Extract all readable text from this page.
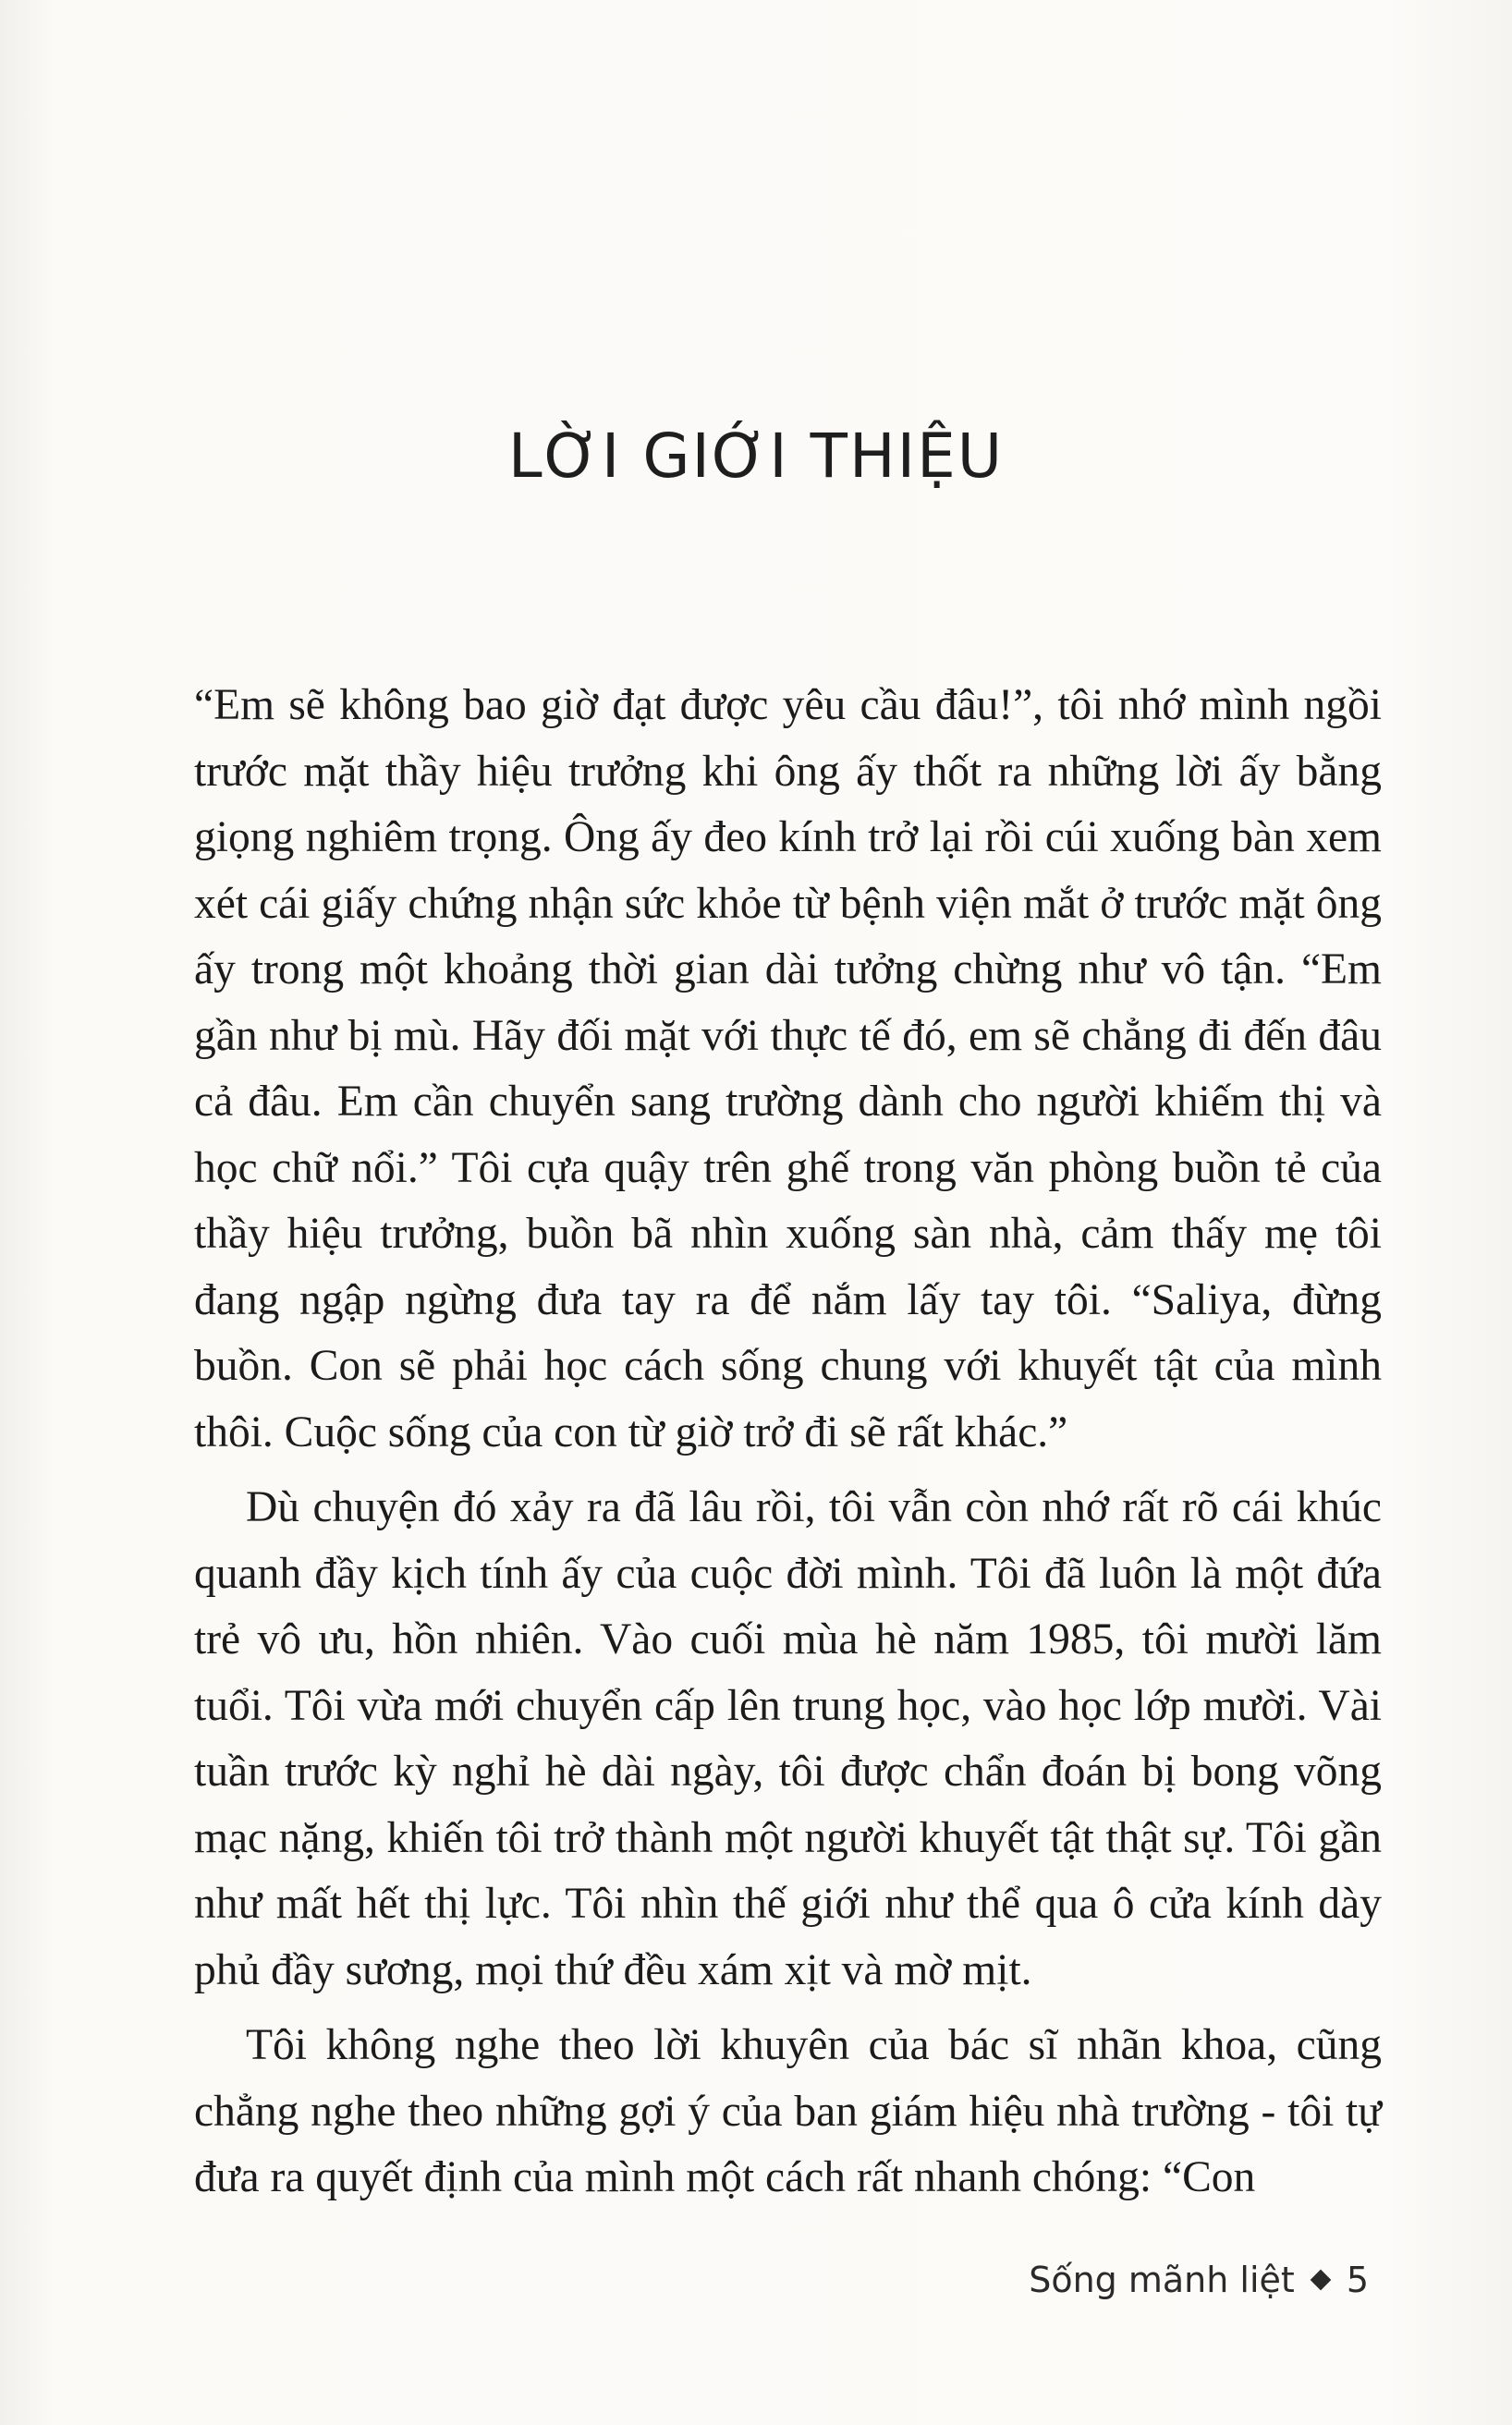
LỜI GIỚI THIỆU

“Em sẽ không bao giờ đạt được yêu cầu đâu!”, tôi nhớ mình ngồi trước mặt thầy hiệu trưởng khi ông ấy thốt ra những lời ấy bằng giọng nghiêm trọng. Ông ấy đeo kính trở lại rồi cúi xuống bàn xem xét cái giấy chứng nhận sức khỏe từ bệnh viện mắt ở trước mặt ông ấy trong một khoảng thời gian dài tưởng chừng như vô tận. “Em gần như bị mù. Hãy đối mặt với thực tế đó, em sẽ chẳng đi đến đâu cả đâu. Em cần chuyển sang trường dành cho người khiếm thị và học chữ nổi.” Tôi cựa quậy trên ghế trong văn phòng buồn tẻ của thầy hiệu trưởng, buồn bã nhìn xuống sàn nhà, cảm thấy mẹ tôi đang ngập ngừng đưa tay ra để nắm lấy tay tôi. “Saliya, đừng buồn. Con sẽ phải học cách sống chung với khuyết tật của mình thôi. Cuộc sống của con từ giờ trở đi sẽ rất khác.”

Dù chuyện đó xảy ra đã lâu rồi, tôi vẫn còn nhớ rất rõ cái khúc quanh đầy kịch tính ấy của cuộc đời mình. Tôi đã luôn là một đứa trẻ vô ưu, hồn nhiên. Vào cuối mùa hè năm 1985, tôi mười lăm tuổi. Tôi vừa mới chuyển cấp lên trung học, vào học lớp mười. Vài tuần trước kỳ nghỉ hè dài ngày, tôi được chẩn đoán bị bong võng mạc nặng, khiến tôi trở thành một người khuyết tật thật sự. Tôi gần như mất hết thị lực. Tôi nhìn thế giới như thể qua ô cửa kính dày phủ đầy sương, mọi thứ đều xám xịt và mờ mịt.

Tôi không nghe theo lời khuyên của bác sĩ nhãn khoa, cũng chẳng nghe theo những gợi ý của ban giám hiệu nhà trường - tôi tự đưa ra quyết định của mình một cách rất nhanh chóng: “Con

Sống mãnh liệt 5
